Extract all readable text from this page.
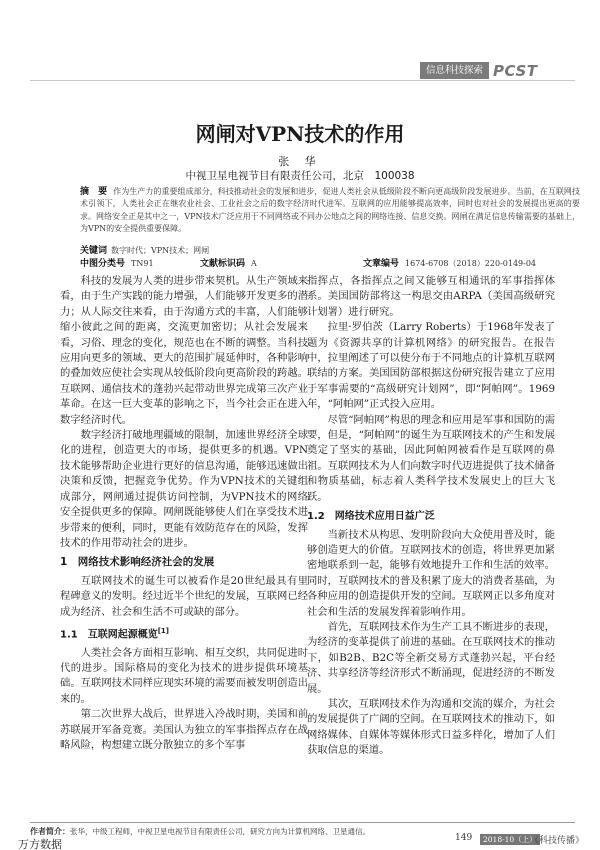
信息科技探索 PCST
网闸对VPN技术的作用
张 华
中视卫星电视节目有限责任公司，北京　100038
摘　要 作为生产力的重要组成部分，科技推动社会的发展和进步，促进人类社会从低级阶段不断向更高级阶段发展进步。当前，在互联网技术引领下，人类社会正在继农业社会、工业社会之后的数字经济时代进军。互联网的应用能够提高效率，同时也对社会的发展提出更高的要求。网络安全正是其中之一，VPN技术广泛应用于不同网络或不同办公地点之间的网络连接、信息交换。网闸在满足信息传输需要的基础上，为VPN的安全提供重要保障。
关键词 数字时代；VPN技术；网闸
中图分类号 TN91	文献标识码 A	文章编号 1674-6708（2018）220-0149-04

科技的发展为人类的进步带来契机。从生产领域来看，由于生产实践的能力增强，人们能够开发更多的潜力；从人际交往来看，由于沟通方式的丰富，人们能够缩小彼此之间的距离，交流更加密切；从社会发展来看，习俗、理念的变化，规范也在不断的调整。当科技应用向更多的领域、更大的范围扩展延伸时，各种影响的叠加效应使社会实现从较低阶段向更高阶段的跨越。互联网、通信技术的蓬勃兴起带动世界完成第三次产业革命。在这一巨大变革的影响之下，当今社会正在进入数字经济时代。

数字经济打破地理疆域的限制，加速世界经济全球化的进程，创造更大的市场，提供更多的机遇。VPN技术能够帮助企业进行更好的信息沟通，能够迅速做出决策和反馈，把握竞争优势。作为VPN技术的关键组成部分，网闸通过提供访问控制，为VPN技术的网络安全提供更多的保障。网闸既能够使人们在享受技术进步带来的便利，同时，更能有效防范存在的风险，发挥技术的作用带动社会的进步。

1　网络技术影响经济社会的发展

互联网技术的诞生可以被看作是20世纪最具有里程碑意义的发明。经过近半个世纪的发展，互联网已经成为经济、社会和生活不可或缺的部分。

1.1　互联网起源概览[1]

人类社会各方面相互影响、相互交织，共同促进时代的进步。国际格局的变化为技术的进步提供环境基础。互联网技术同样应现实环境的需要而被发明创造出来的。

第二次世界大战后，世界进入冷战时期，美国和前苏联展开军备竞赛。美国认为独立的军事指挥点存在战略风险，构想建立既分散独立的多个军事

指挥点，各指挥点之间又能够互相通讯的军事指挥体系。美国国防部将这一构思交由ARPA（美国高级研究计划署）进行研究。

拉里·罗伯茨（Larry Roberts）于1968年发表了题为《资源共享的计算机网络》的研究报告。在报告中，拉里阐述了可以使分布于不同地点的计算机互联网联结的方案。美国国防部根据这份研究报告建立了应用于军事需要的“高级研究计划网”，即“阿帕网”。1969年，“阿帕网”正式投入应用。

尽管“阿帕网”构思的理念和应用是军事和国防的需要，但是，“阿帕网”的诞生为互联网技术的产生和发展奠定了坚实的基础，因此阿帕网被看作是互联网的鼻祖。互联网技术为人们向数字时代迈进提供了技术储备和物质基础，标志着人类科学技术发展史上的巨大飞跃。

1.2　网络技术应用日益广泛

当新技术从构思、发明阶段向大众使用普及时，能够创造更大的价值。互联网技术的创造，将世界更加紧密地联系到一起，能够有效地提升工作和生活的效率。同时，互联网技术的普及积累了庞大的消费者基础，为各种应用的创造提供开发的空间。互联网正以多角度对社会和生活的发展发挥着影响作用。

首先，互联网技术作为生产工具不断进步的表现，为经济的变革提供了前进的基础。在互联网技术的推动下，如B2B、B2C等全新交易方式蓬勃兴起，平台经济、共享经济等经济形式不断涌现，促进经济的不断发展。

其次，互联网技术作为沟通和交流的媒介，为社会的发展提供了广阔的空间。在互联网技术的推动下，如网络媒体、自媒体等媒体形式日益多样化，增加了人们获取信息的渠道。

作者简介：张华，中级工程师，中视卫星电视节目有限责任公司，研究方向为计算机网络、卫星通信。
万方数据	149	2018-10（上）
《科技传播》
